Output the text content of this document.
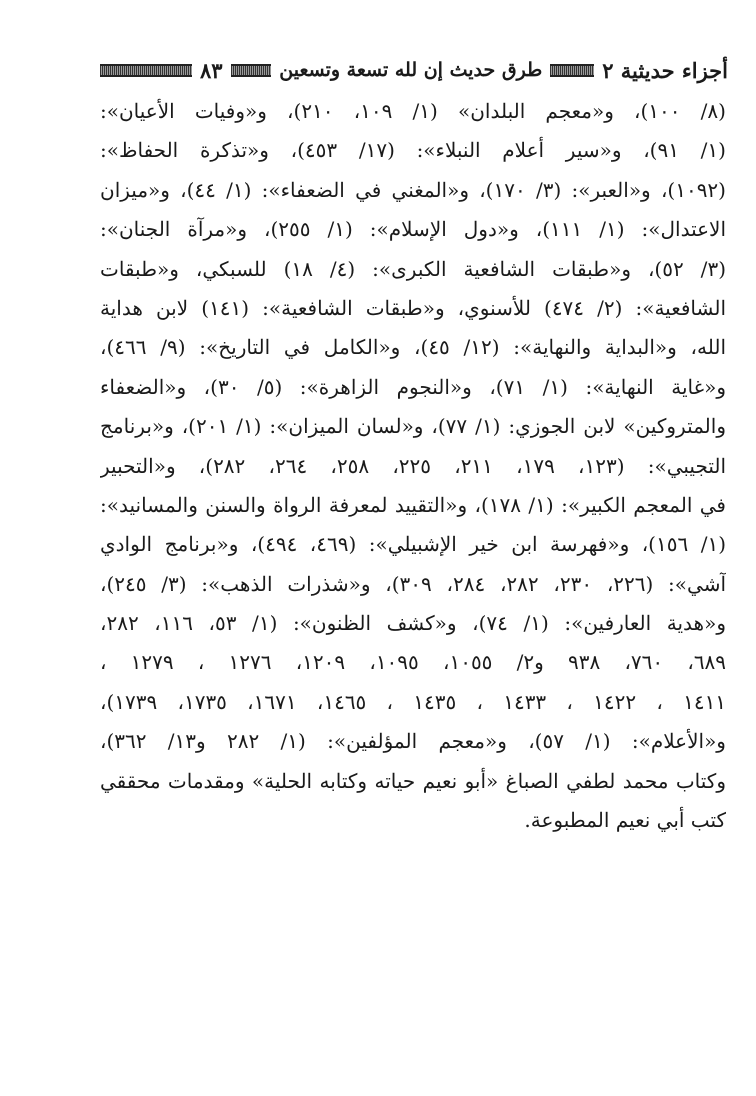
أجزاء حديثية ٢
طرق حديث إن لله تسعة وتسعين
٨٣
(٨/ ١٠٠)، و«معجم البلدان» (١/ ١٠٩، ٢١٠)، و«وفيات الأعيان»:
(١/ ٩١)، و«سير أعلام النبلاء»: (١٧/ ٤٥٣)، و«تذكرة الحفاظ»:
(١٠٩٢)، و«العبر»: (٣/ ١٧٠)، و«المغني في الضعفاء»: (١/ ٤٤)، و«ميزان
الاعتدال»: (١/ ١١١)، و«دول الإسلام»: (١/ ٢٥٥)، و«مرآة الجنان»:
(٣/ ٥٢)، و«طبقات الشافعية الكبرى»: (٤/ ١٨) للسبكي، و«طبقات
الشافعية»: (٢/ ٤٧٤) للأسنوي، و«طبقات الشافعية»: (١٤١) لابن هداية
الله، و«البداية والنهاية»: (١٢/ ٤٥)، و«الكامل في التاريخ»: (٩/ ٤٦٦)،
و«غاية النهاية»: (١/ ٧١)، و«النجوم الزاهرة»: (٥/ ٣٠)، و«الضعفاء
والمتروكين» لابن الجوزي: (١/ ٧٧)، و«لسان الميزان»: (١/ ٢٠١)، و«برنامج
التجيبي»: (١٢٣، ١٧٩، ٢١١، ٢٢٥، ٢٥٨، ٢٦٤، ٢٨٢)، و«التحبير
في المعجم الكبير»: (١/ ١٧٨)، و«التقييد لمعرفة الرواة والسنن والمسانيد»:
(١/ ١٥٦)، و«فهرسة ابن خير الإشبيلي»: (٤٦٩، ٤٩٤)، و«برنامج الوادي
آشي»: (٢٢٦، ٢٣٠، ٢٨٢، ٢٨٤، ٣٠٩)، و«شذرات الذهب»: (٣/ ٢٤٥)،
و«هدية العارفين»: (١/ ٧٤)، و«كشف الظنون»: (١/ ٥٣، ١١٦، ٢٨٢،
٦٨٩، ٧٦٠، ٩٣٨ و٢/ ١٠٥٥، ١٠٩٥، ١٢٠٩، ١٢٧٦ ، ١٢٧٩ ،
١٤١١ ، ١٤٢٢ ، ١٤٣٣ ، ١٤٣٥ ، ١٤٦٥، ١٦٧١، ١٧٣٥، ١٧٣٩)،
و«الأعلام»: (١/ ٥٧)، و«معجم المؤلفين»: (١/ ٢٨٢ و١٣/ ٣٦٢)،
وكتاب محمد لطفي الصباغ «أبو نعيم حياته وكتابه الحلية» ومقدمات محققي
كتب أبي نعيم المطبوعة.
